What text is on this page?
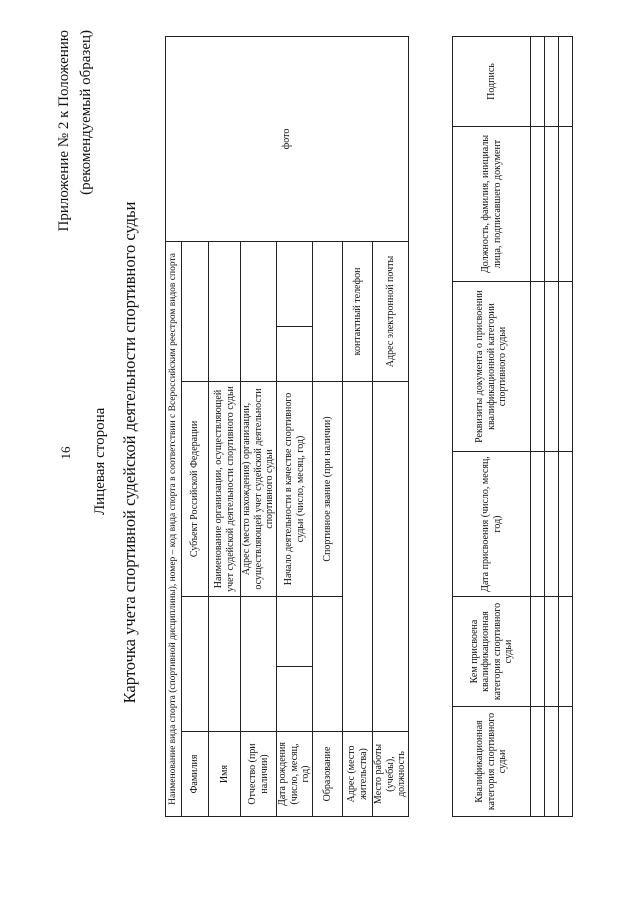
16
Приложение № 2 к Положению (рекомендуемый образец)
Лицевая сторона Карточка учета спортивной судейской деятельности спортивного судьи	Наименование вида спорта (спортивной дисциплины), номер – код вида спорта в соответствии с Всероссийским реестром видов спорта						фото
Фамилия			Субъект Российской Федерации			
Имя			Наименование организации, осуществляющей учет судейской деятельности спортивного судьи			
Отчество (при наличии)			Адрес (место нахождения) организации, осуществляющей учет судейской деятельности спортивного судьи			
Дата рождения (число, месяц, год)			Начало деятельности в качестве спортивного судьи (число, месяц, год)			
Образование			Спортивное звание (при наличии)			
Адрес (место жительства)				контактный телефон		
Место работы (учебы), должность				Адрес электронной почты		
Квалификационная категория спортивного судьи	Кем присвоена квалификационная категория спортивного судьи	Дата присвоения (число, месяц, год)	Реквизиты документа о присвоении квалификационной категории спортивного судьи	Должность, фамилия, инициалы лица, подписавшего документ	Подпись
